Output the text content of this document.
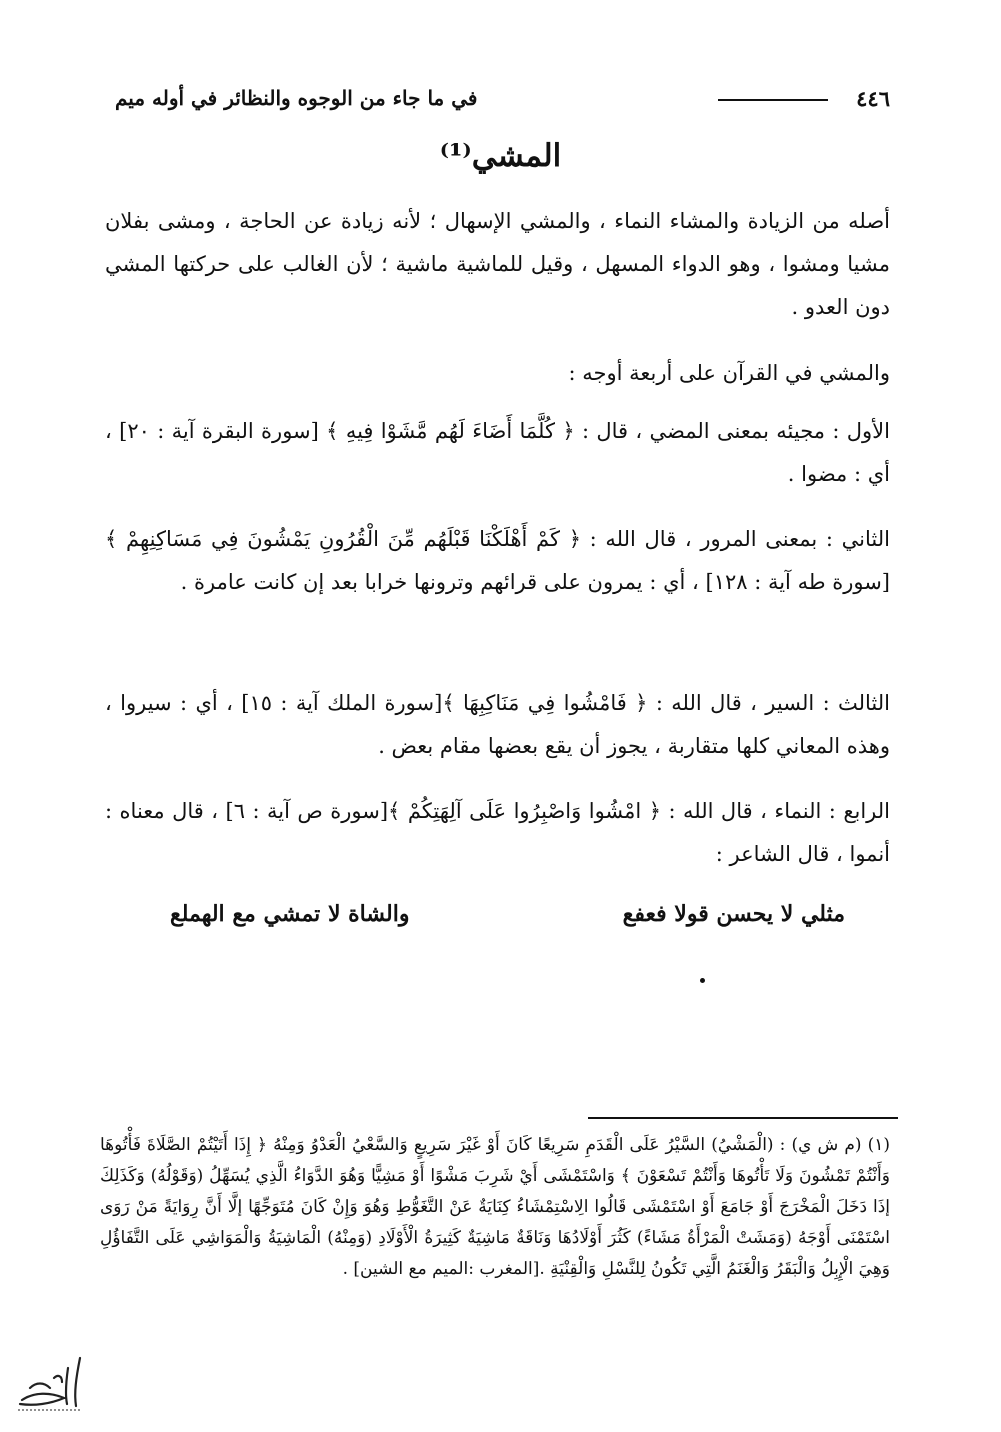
٤٤٦
في ما جاء من الوجوه والنظائر في أوله ميم
المشي⁽¹⁾

أصله من الزيادة والمشاء النماء ، والمشي الإسهال ؛ لأنه زيادة عن الحاجة ، ومشى بفلان مشيا ومشوا ، وهو الدواء المسهل ، وقيل للماشية ماشية ؛ لأن الغالب على حركتها المشي دون العدو .

والمشي في القرآن على أربعة أوجه :

الأول : مجيئه بمعنى المضي ، قال : ﴿ كُلَّمَا أَضَاءَ لَهُم مَّشَوْا فِيهِ ﴾ [سورة البقرة آية : ٢٠] ، أي : مضوا .

الثاني : بمعنى المرور ، قال الله : ﴿ كَمْ أَهْلَكْنَا قَبْلَهُم مِّنَ الْقُرُونِ يَمْشُونَ فِي مَسَاكِنِهِمْ ﴾[سورة طه آية : ١٢٨] ، أي : يمرون على قرائهم وترونها خرابا بعد إن كانت عامرة .

الثالث : السير ، قال الله : ﴿ فَامْشُوا فِي مَنَاكِبِهَا ﴾[سورة الملك آية : ١٥] ، أي : سيروا ، وهذه المعاني كلها متقاربة ، يجوز أن يقع بعضها مقام بعض .

الرابع : النماء ، قال الله : ﴿ امْشُوا وَاصْبِرُوا عَلَى آلِهَتِكُمْ ﴾[سورة ص آية : ٦] ، قال معناه : أنموا ، قال الشاعر :

مثلي لا يحسن قولا فعفع
والشاة لا تمشي مع الهملع

(١) (م ش ي) : (الْمَشْيُ) السَّيْرُ عَلَى الْقَدَمِ سَرِيعًا كَانَ أَوْ غَيْرَ سَرِيعٍ وَالسَّعْيُ الْعَدْوُ وَمِنْهُ ﴿ إِذَا أَتَيْتُمْ الصَّلَاةَ فَأْتُوهَا وَأَنْتُمْ تَمْشُونَ وَلَا تَأْتُوهَا وَأَنْتُمْ تَسْعَوْنَ ﴾ وَاسْتَمْشَى أَيْ شَرِبَ مَشْوًا أَوْ مَشِيًّا وَهُوَ الدَّوَاءُ الَّذِي يُسَهِّلُ (وَقَوْلُهُ) وَكَذَلِكَ إذَا دَخَلَ الْمَخْرَجَ أَوْ جَامَعَ أَوْ اسْتَمْشَى قَالُوا الِاسْتِمْشَاءُ كِنَايَةٌ عَنْ التَّغَوُّطِ وَهُوَ وَإِنْ كَانَ مُتَوَجِّهًا إلَّا أَنَّ رِوَايَةً مَنْ رَوَى اسْتَمْنَى أَوْجَهُ (وَمَشَتْ الْمَرْأَةُ مَشَاءً) كَثُرَ أَوْلَادُهَا وَنَاقَةٌ مَاشِيَةٌ كَثِيرَةُ الْأَوْلَادِ (وَمِنْهُ) الْمَاشِيَةُ وَالْمَوَاشِي عَلَى التَّفَاؤُلِ وَهِيَ الْإِبِلُ وَالْبَقَرُ وَالْغَنَمُ الَّتِي تَكُونُ لِلنَّسْلِ وَالْقِنْيَةِ .[المغرب :الميم مع الشين] .
